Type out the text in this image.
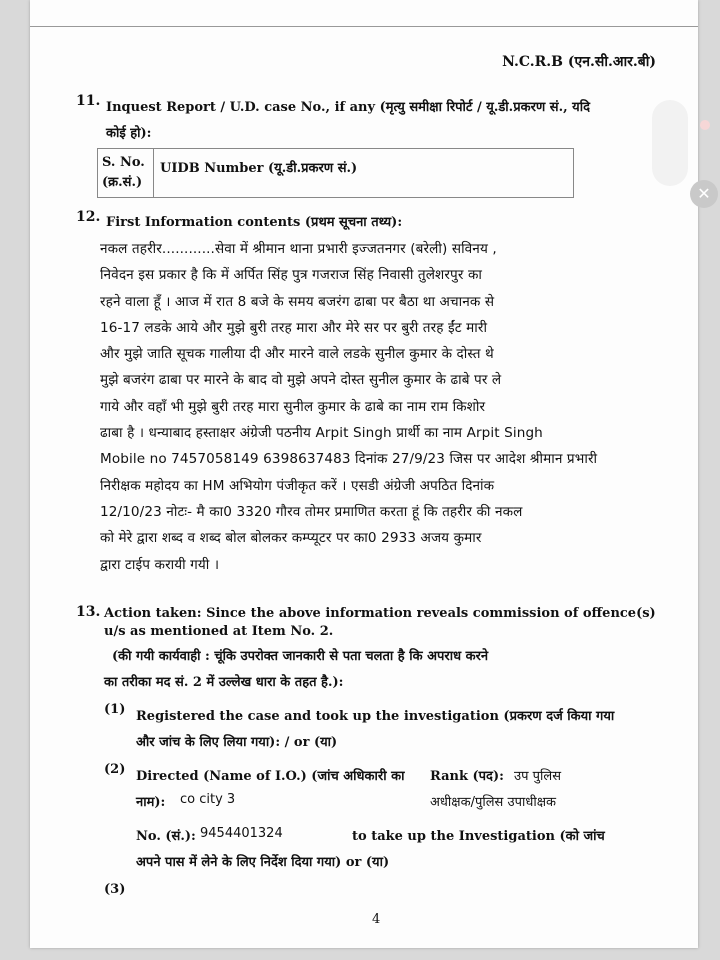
N.C.R.B (एन.सी.आर.बी)
✕
11. Inquest Report / U.D. case No., if any (मृत्यु समीक्षा रिपोर्ट / यू.डी.प्रकरण सं., यदि
कोई हो):
S. No.
(क्र.सं.)
UIDB Number (यू.डी.प्रकरण सं.)
12. First Information contents (प्रथम सूचना तथ्य):
नकल तहरीर............सेवा में श्रीमान थाना प्रभारी इज्जतनगर (बरेली) सविनय ,
निवेदन इस प्रकार है कि में अर्पित सिंह पुत्र गजराज सिंह निवासी तुलेशरपुर का
रहने वाला हूँ । आज में रात 8 बजे के समय बजरंग ढाबा पर बैठा था अचानक से
16-17 लडके आये और मुझे बुरी तरह मारा और मेरे सर पर बुरी तरह ईंट मारी
और मुझे जाति सूचक गालीया दी और मारने वाले लडके सुनील कुमार के दोस्त थे
मुझे बजरंग ढाबा पर मारने के बाद वो मुझे अपने दोस्त सुनील कुमार के ढाबे पर ले
गाये और वहाँ भी मुझे बुरी तरह मारा सुनील कुमार के ढाबे का नाम राम किशोर
ढाबा है । धन्याबाद हस्ताक्षर अंग्रेजी पठनीय Arpit Singh प्रार्थी का नाम Arpit Singh
Mobile no 7457058149 6398637483 दिनांक 27/9/23 जिस पर आदेश श्रीमान प्रभारी
निरीक्षक महोदय का HM अभियोग पंजीकृत करें । एसडी अंग्रेजी अपठित दिनांक
12/10/23 नोटः- मै का0 3320 गौरव तोमर प्रमाणित करता हूं कि तहरीर की नकल
को मेरे द्वारा शब्द व शब्द बोल बोलकर कम्प्यूटर पर का0 2933 अजय कुमार
द्वारा टाईप करायी गयी ।
13. Action taken: Since the above information reveals commission of offence(s)
u/s as mentioned at Item No. 2.
(की गयी कार्यवाही : चूंकि उपरोक्त जानकारी से पता चलता है कि अपराध करने
का तरीका मद सं. 2 में उल्लेख धारा के तहत है.):
(1) Registered the case and took up the investigation (प्रकरण दर्ज किया गया
और जांच के लिए लिया गया): / or (या)
(2) Directed (Name of I.O.) (जांच अधिकारी का
नाम): co city 3
Rank (पद): उप पुलिस
अधीक्षक/पुलिस उपाधीक्षक
No. (सं.): 9454401324	to take up the Investigation (को जांच
अपने पास में लेने के लिए निर्देश दिया गया) or (या)
(3)
4
